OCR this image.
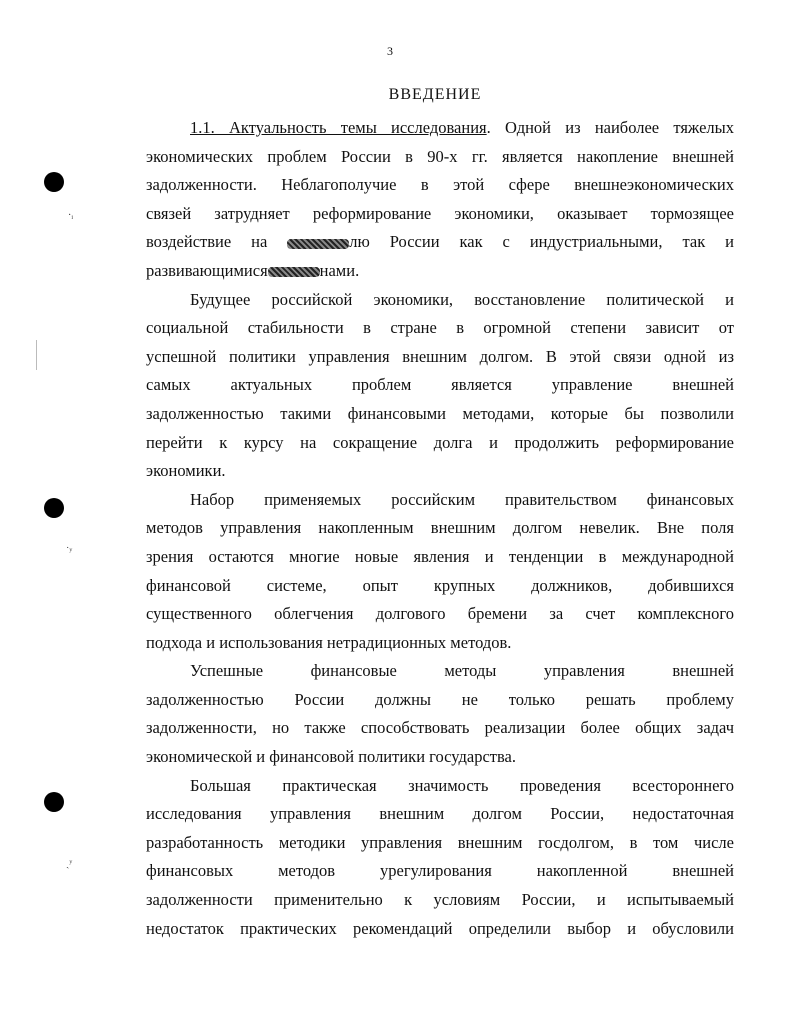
3
ВВЕДЕНИЕ
·ᵢ
˙ʸ
ˎʸ
1.1. Актуальность темы исследования. Одной из наиболее тяжелых
экономических проблем России в 90-х гг. является накопление внешней
задолженности. Неблагополучие в этой сфере внешнеэкономических
связей затрудняет реформирование экономики, оказывает тормозящее
воздействие на	лю России как с индустриальными, так и
развивающимися	нами.
Будущее российской экономики, восстановление политической и
социальной стабильности в стране в огромной степени зависит от
успешной политики управления внешним долгом. В этой связи одной из
самых актуальных проблем является управление внешней
задолженностью такими финансовыми методами, которые бы позволили
перейти к курсу на сокращение долга и продолжить реформирование
экономики.
Набор применяемых российским правительством финансовых
методов управления накопленным внешним долгом невелик. Вне поля
зрения остаются многие новые явления и тенденции в международной
финансовой системе, опыт крупных должников, добившихся
существенного облегчения долгового бремени за счет комплексного
подхода и использования нетрадиционных методов.
Успешные финансовые методы управления внешней
задолженностью России должны не только решать проблему
задолженности, но также способствовать реализации более общих задач
экономической и финансовой политики государства.
Большая практическая значимость проведения всестороннего
исследования управления внешним долгом России, недостаточная
разработанность методики управления внешним госдолгом, в том числе
финансовых методов урегулирования накопленной внешней
задолженности применительно к условиям России, и испытываемый
недостаток практических рекомендаций определили выбор и обусловили
